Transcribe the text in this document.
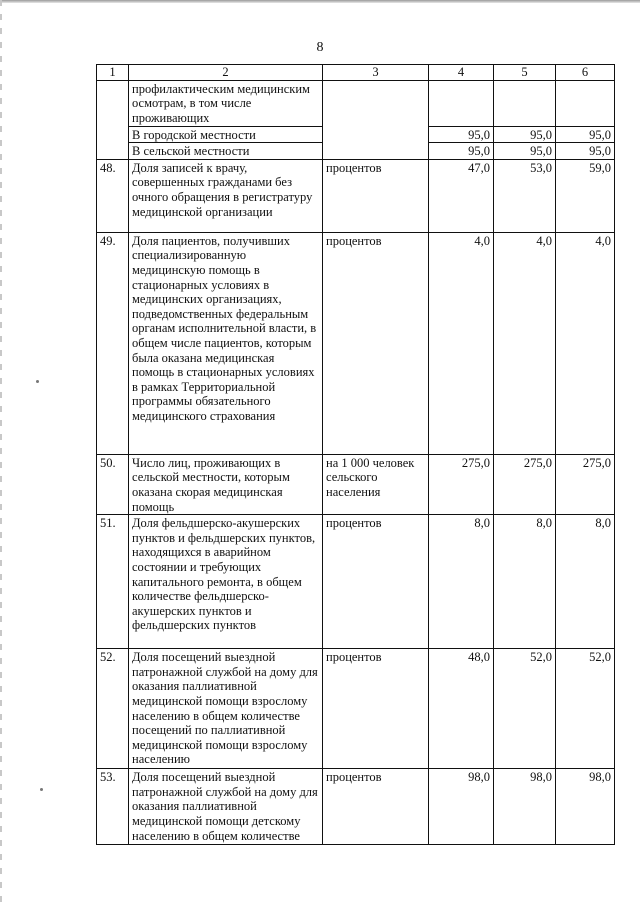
8
1	2	3	4	5	6
	профилактическим медицинским осмотрам, в том числе проживающих				
	В городской местности		95,0	95,0	95,0
	В сельской местности		95,0	95,0	95,0
48.	Доля записей к врачу, совершенных гражданами без очного обращения в регистратуру медицинской организации	процентов	47,0	53,0	59,0
49.	Доля пациентов, получивших специализированную медицинскую помощь в стационарных условиях в медицинских организациях, подведомственных федеральным органам исполнительной власти, в общем числе пациентов, которым была оказана медицинская помощь в стационарных условиях в рамках Территориальной программы обязательного медицинского страхования	процентов	4,0	4,0	4,0
50.	Число лиц, проживающих в сельской местности, которым оказана скорая медицинская помощь	на 1 000 человек сельского населения	275,0	275,0	275,0
51.	Доля фельдшерско-акушерских пунктов и фельдшерских пунктов, находящихся в аварийном состоянии и требующих капитального ремонта, в общем количестве фельдшерско-акушерских пунктов и фельдшерских пунктов	процентов	8,0	8,0	8,0
52.	Доля посещений выездной патронажной службой на дому для оказания паллиативной медицинской помощи взрослому населению в общем количестве посещений по паллиативной медицинской помощи взрослому населению	процентов	48,0	52,0	52,0
53.	Доля посещений выездной патронажной службой на дому для оказания паллиативной медицинской помощи детскому населению в общем количестве	процентов	98,0	98,0	98,0
